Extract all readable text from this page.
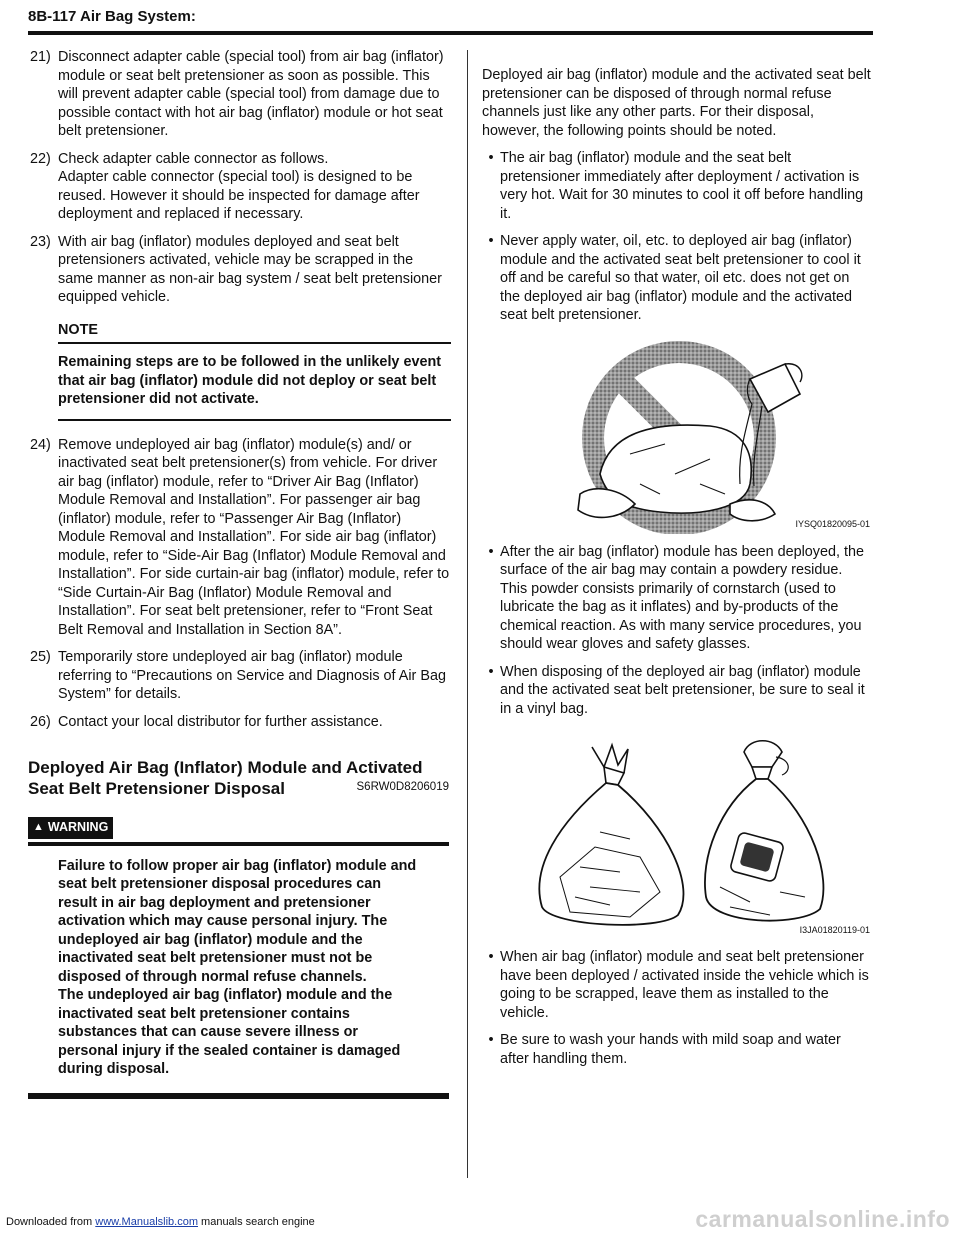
8B-117 Air Bag System:
21) Disconnect adapter cable (special tool) from air bag (inflator) module or seat belt pretensioner as soon as possible. This will prevent adapter cable (special tool) from damage due to possible contact with hot air bag (inflator) module or hot seat belt pretensioner.
22) Check adapter cable connector as follows.
Adapter cable connector (special tool) is designed to be reused. However it should be inspected for damage after deployment and replaced if necessary.
23) With air bag (inflator) modules deployed and seat belt pretensioners activated, vehicle may be scrapped in the same manner as non-air bag system / seat belt pretensioner equipped vehicle.
NOTE
Remaining steps are to be followed in the unlikely event that air bag (inflator) module did not deploy or seat belt pretensioner did not activate.
24) Remove undeployed air bag (inflator) module(s) and/ or inactivated seat belt pretensioner(s) from vehicle. For driver air bag (inflator) module, refer to “Driver Air Bag (Inflator) Module Removal and Installation”. For passenger air bag (inflator) module, refer to “Passenger Air Bag (Inflator) Module Removal and Installation”. For side air bag (inflator) module, refer to “Side-Air Bag (Inflator) Module Removal and Installation”. For side curtain-air bag (inflator) module, refer to “Side Curtain-Air Bag (Inflator) Module Removal and Installation”. For seat belt pretensioner, refer to “Front Seat Belt Removal and Installation in Section 8A”.
25) Temporarily store undeployed air bag (inflator) module referring to “Precautions on Service and Diagnosis of Air Bag System” for details.
26) Contact your local distributor for further assistance.
Deployed Air Bag (Inflator) Module and Activated Seat Belt Pretensioner Disposal	S6RW0D8206019
▲ WARNING
Failure to follow proper air bag (inflator) module and seat belt pretensioner disposal procedures can result in air bag deployment and pretensioner activation which may cause personal injury. The undeployed air bag (inflator) module and the inactivated seat belt pretensioner must not be disposed of through normal refuse channels.
The undeployed air bag (inflator) module and the inactivated seat belt pretensioner contains substances that can cause severe illness or personal injury if the sealed container is damaged during disposal.
Deployed air bag (inflator) module and the activated seat belt pretensioner can be disposed of through normal refuse channels just like any other parts. For their disposal, however, the following points should be noted.
• The air bag (inflator) module and the seat belt pretensioner immediately after deployment / activation is very hot. Wait for 30 minutes to cool it off before handling it.
• Never apply water, oil, etc. to deployed air bag (inflator) module and the activated seat belt pretensioner to cool it off and be careful so that water, oil etc. does not get on the deployed air bag (inflator) module and the activated seat belt pretensioner.
IYSQ01820095-01
• After the air bag (inflator) module has been deployed, the surface of the air bag may contain a powdery residue. This powder consists primarily of cornstarch (used to lubricate the bag as it inflates) and by-products of the chemical reaction. As with many service procedures, you should wear gloves and safety glasses.
• When disposing of the deployed air bag (inflator) module and the activated seat belt pretensioner, be sure to seal it in a vinyl bag.
I3JA01820119-01
• When air bag (inflator) module and seat belt pretensioner have been deployed / activated inside the vehicle which is going to be scrapped, leave them as installed to the vehicle.
• Be sure to wash your hands with mild soap and water after handling them.
Downloaded from www.Manualslib.com manuals search engine	carmanualsonline.info
